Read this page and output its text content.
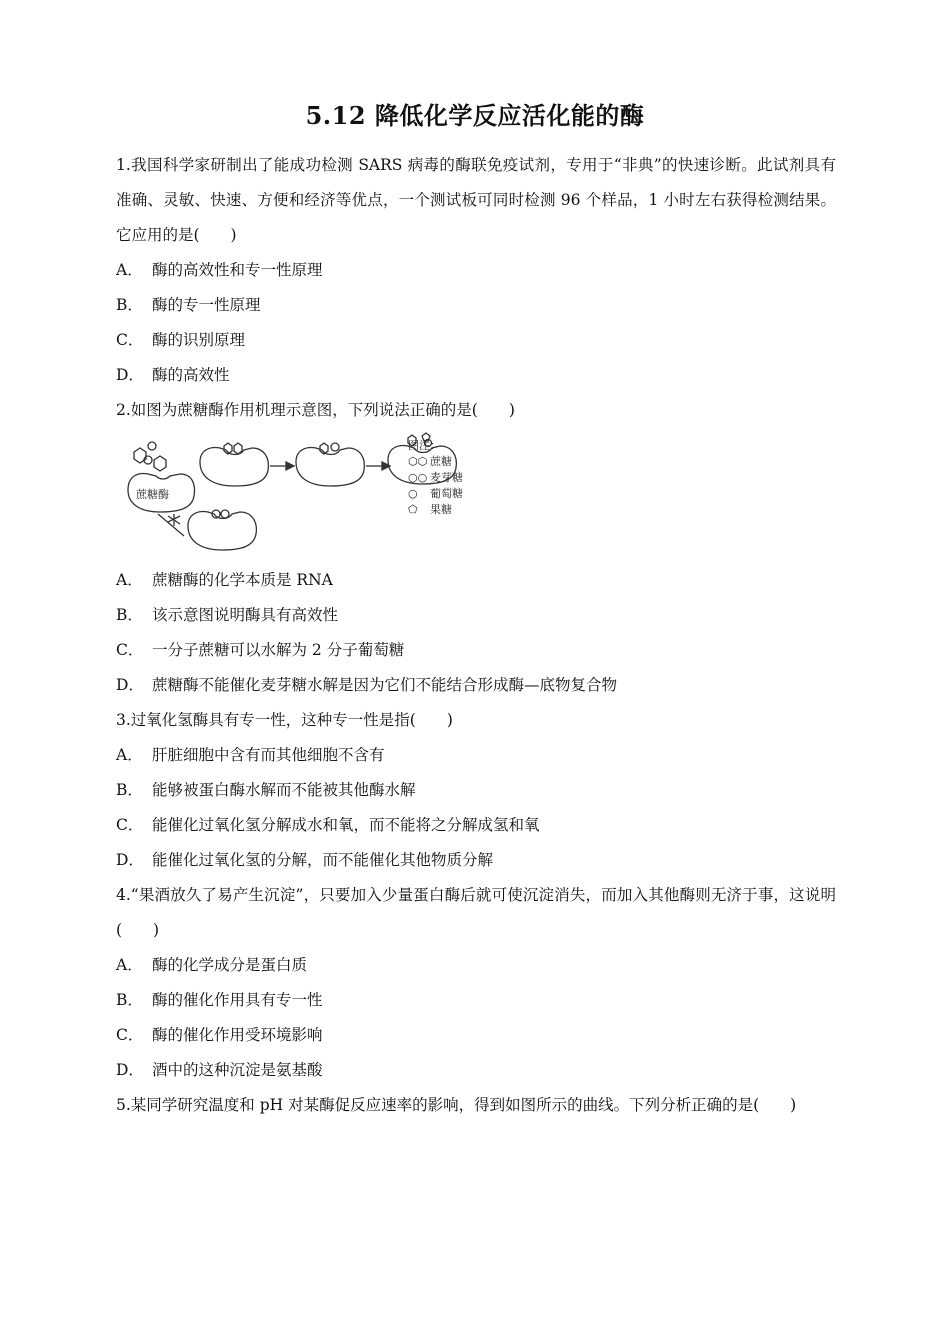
5.12 降低化学反应活化能的酶
1.我国科学家研制出了能成功检测 SARS 病毒的酶联免疫试剂，专用于“非典”的快速诊断。此试剂具有准确、灵敏、快速、方便和经济等优点，一个测试板可同时检测 96 个样品，1 小时左右获得检测结果。它应用的是(　　)
A． 酶的高效性和专一性原理
B． 酶的专一性原理
C． 酶的识别原理
D． 酶的高效性
2.如图为蔗糖酶作用机理示意图，下列说法正确的是(　　)
蔗糖酶
图注：
⬡⬡ 蔗糖
○○ 麦芽糖
○ 葡萄糖
⬠ 果糖
A． 蔗糖酶的化学本质是 RNA
B． 该示意图说明酶具有高效性
C． 一分子蔗糖可以水解为 2 分子葡萄糖
D． 蔗糖酶不能催化麦芽糖水解是因为它们不能结合形成酶—底物复合物
3.过氧化氢酶具有专一性，这种专一性是指(　　)
A． 肝脏细胞中含有而其他细胞不含有
B． 能够被蛋白酶水解而不能被其他酶水解
C． 能催化过氧化氢分解成水和氧，而不能将之分解成氢和氧
D． 能催化过氧化氢的分解，而不能催化其他物质分解
4.“果酒放久了易产生沉淀”，只要加入少量蛋白酶后就可使沉淀消失，而加入其他酶则无济于事，这说明(　　)
A． 酶的化学成分是蛋白质
B． 酶的催化作用具有专一性
C． 酶的催化作用受环境影响
D． 酒中的这种沉淀是氨基酸
5.某同学研究温度和 pH 对某酶促反应速率的影响，得到如图所示的曲线。下列分析正确的是(　　)
